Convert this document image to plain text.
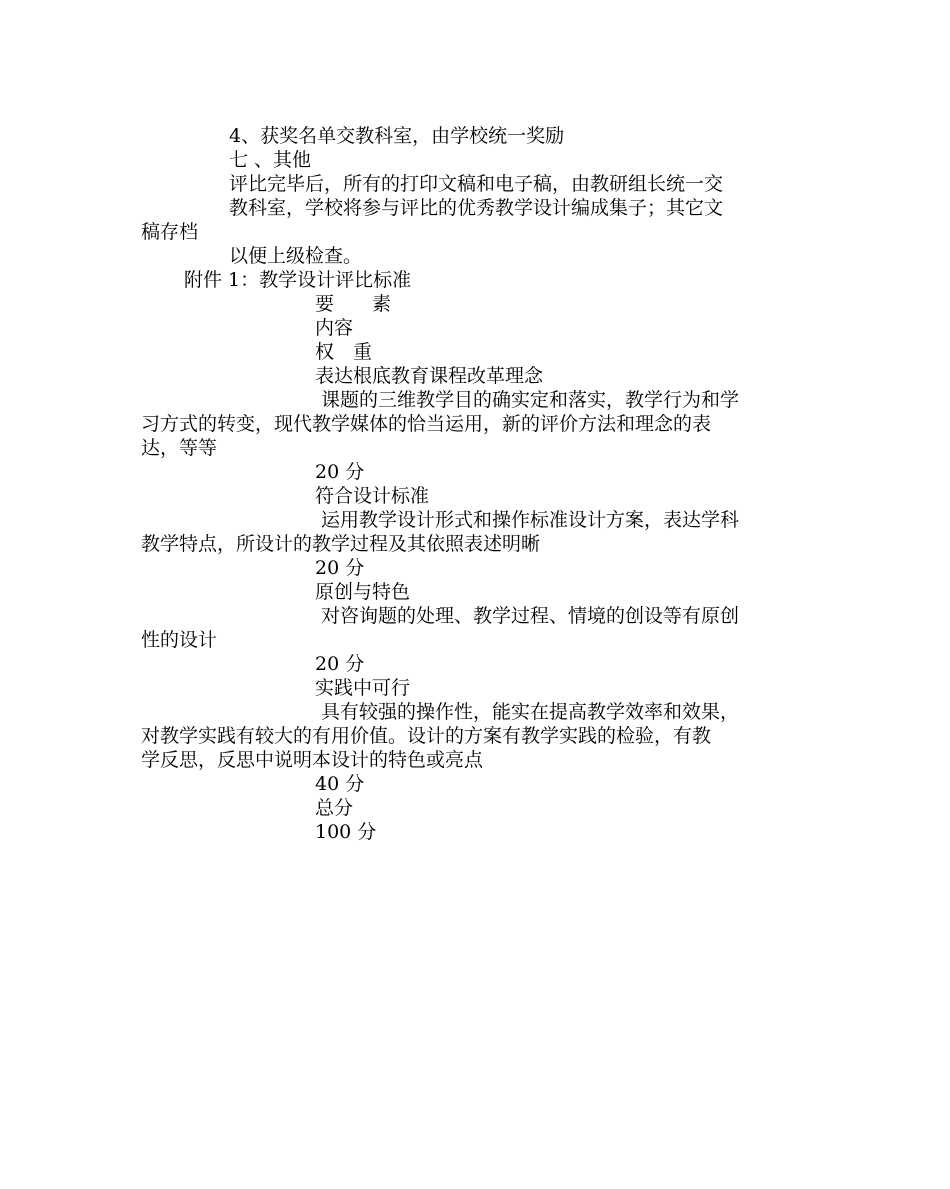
4、获奖名单交教科室，由学校统一奖励
七 、其他
评比完毕后，所有的打印文稿和电子稿，由教研组长统一交
教科室，学校将参与评比的优秀教学设计编成集子；其它文
稿存档
以便上级检查。
附件 1：教学设计评比标准
要　　素
内容
权　重
表达根底教育课程改革理念
课题的三维教学目的确实定和落实，教学行为和学
习方式的转变，现代教学媒体的恰当运用，新的评价方法和理念的表
达，等等
20 分
符合设计标准
运用教学设计形式和操作标准设计方案，表达学科
教学特点，所设计的教学过程及其依照表述明晰
20 分
原创与特色
对咨询题的处理、教学过程、情境的创设等有原创
性的设计
20 分
实践中可行
具有较强的操作性，能实在提高教学效率和效果，
对教学实践有较大的有用价值。设计的方案有教学实践的检验，有教
学反思，反思中说明本设计的特色或亮点
40 分
总分
100 分
